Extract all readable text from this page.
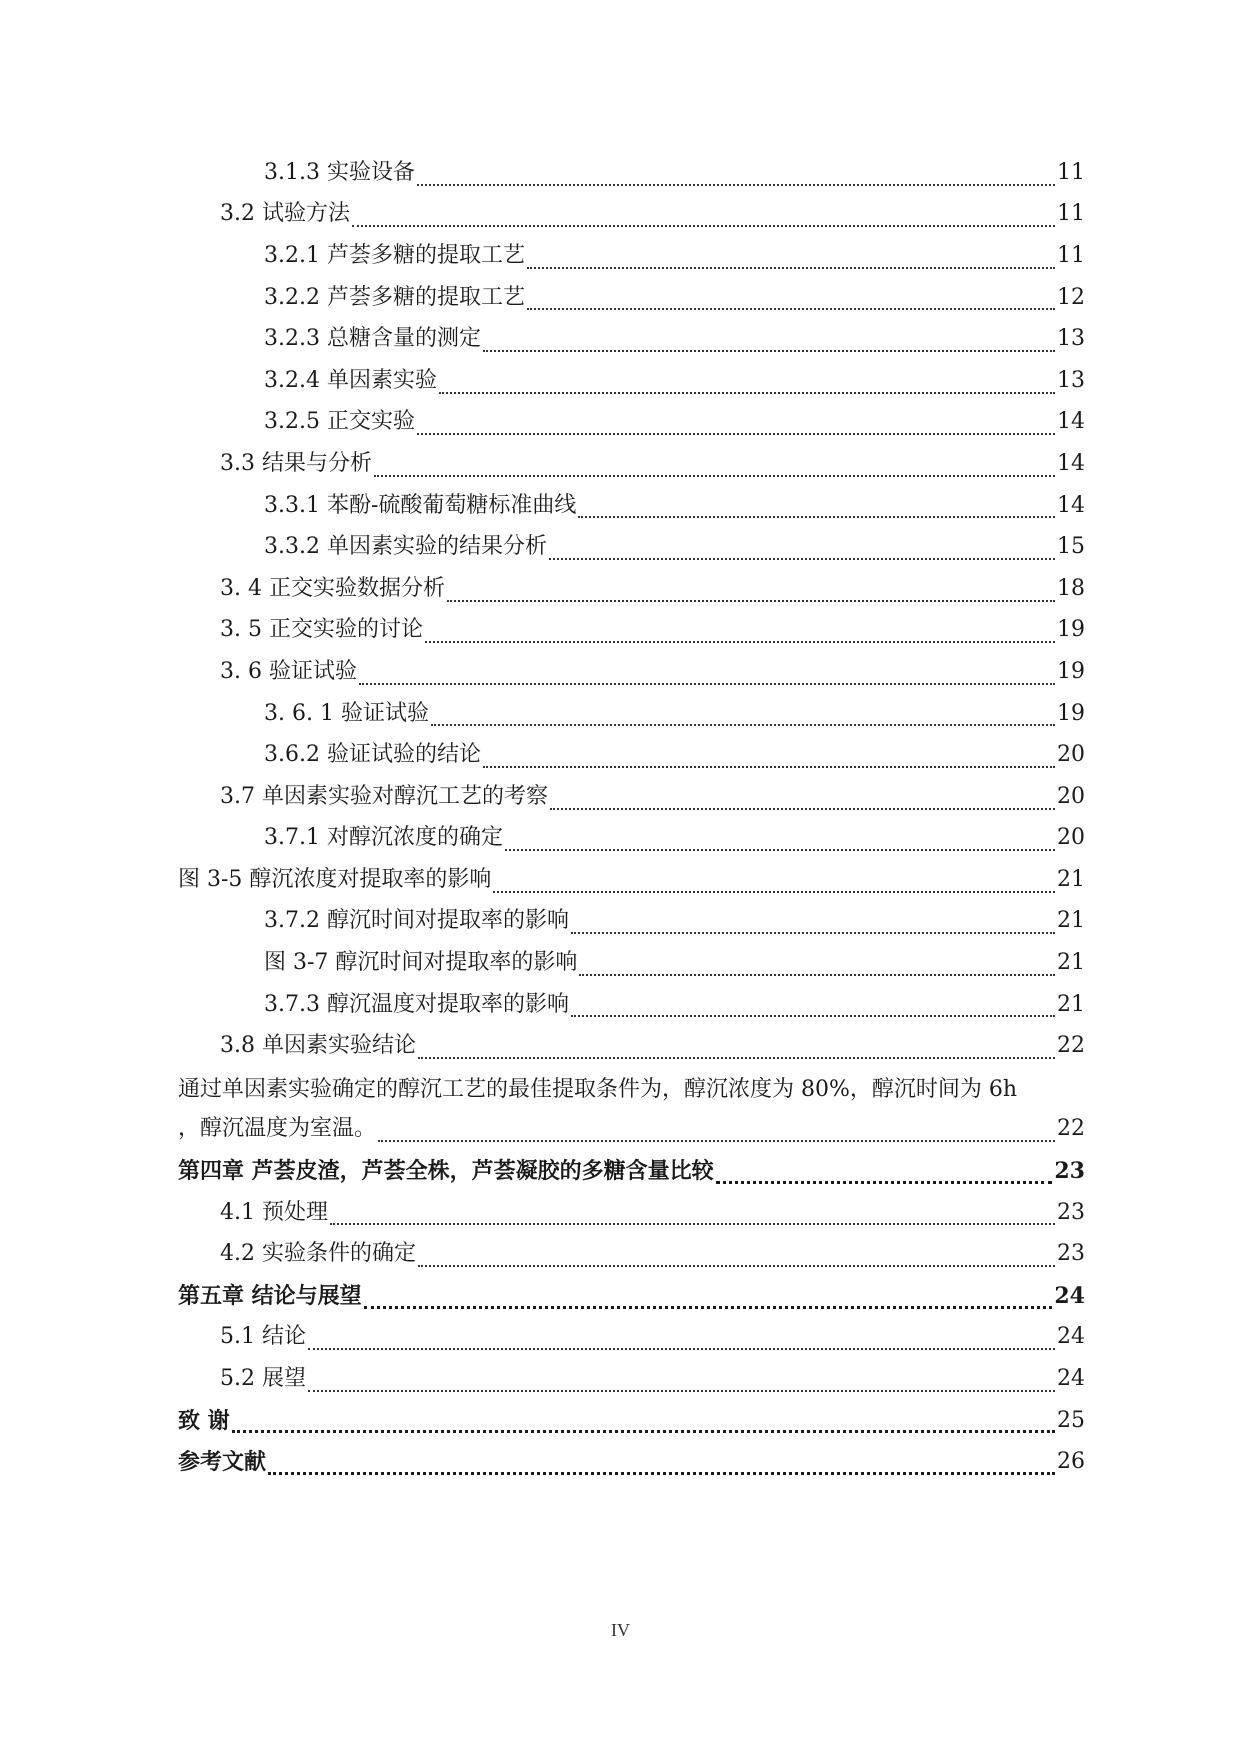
3.1.3 实验设备	11
3.2 试验方法	11
3.2.1 芦荟多糖的提取工艺	11
3.2.2 芦荟多糖的提取工艺	12
3.2.3 总糖含量的测定	13
3.2.4 单因素实验	13
3.2.5 正交实验	14
3.3 结果与分析	14
3.3.1 苯酚-硫酸葡萄糖标准曲线	14
3.3.2 单因素实验的结果分析	15
3. 4 正交实验数据分析	18
3. 5 正交实验的讨论	19
3. 6 验证试验	19
3. 6. 1 验证试验	19
3.6.2 验证试验的结论	20
3.7 单因素实验对醇沉工艺的考察	20
3.7.1 对醇沉浓度的确定	20
图 3-5 醇沉浓度对提取率的影响	21
3.7.2 醇沉时间对提取率的影响	21
图 3-7 醇沉时间对提取率的影响	21
3.7.3 醇沉温度对提取率的影响	21
3.8 单因素实验结论	22
通过单因素实验确定的醇沉工艺的最佳提取条件为，醇沉浓度为 80%，醇沉时间为 6h
，醇沉温度为室温。	22
第四章 芦荟皮渣，芦荟全株，芦荟凝胶的多糖含量比较	23
4.1 预处理	23
4.2 实验条件的确定	23
第五章 结论与展望	24
5.1 结论	24
5.2 展望	24
致 谢	25
参考文献	26
IV
